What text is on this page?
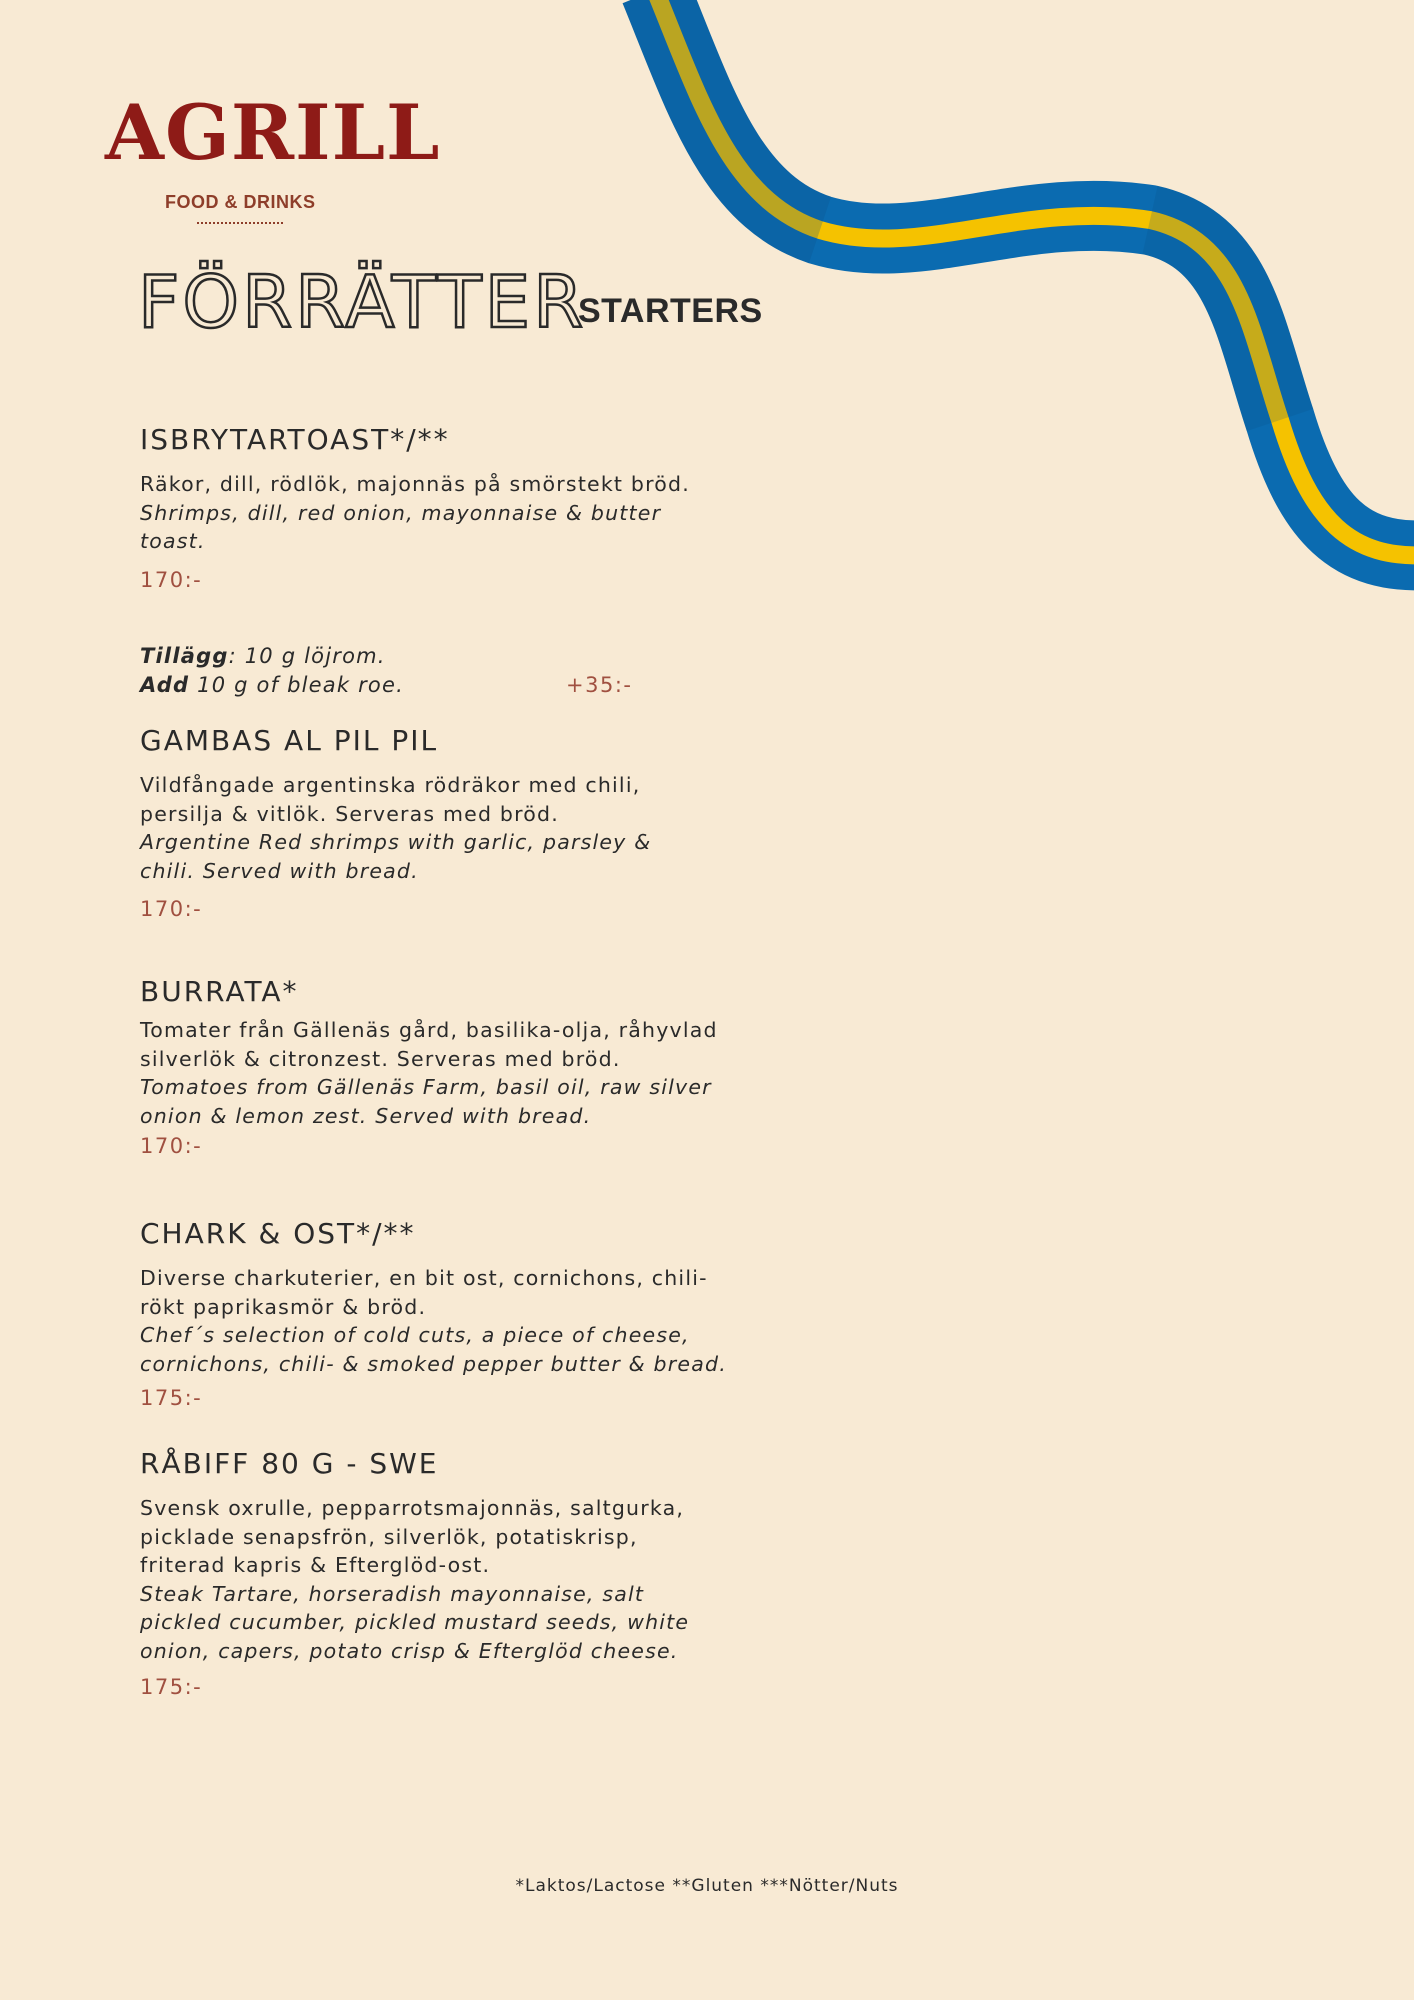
AGRILL
FOOD & DRINKS
FÖRRÄTTER
STARTERS
ISBRYTARTOAST*/**
Räkor, dill, rödlök, majonnäs på smörstekt bröd.
Shrimps, dill, red onion, mayonnaise & butter toast.
170:-
Tillägg: 10 g löjrom.
Add 10 g of bleak roe.	+35:-
GAMBAS AL PIL PIL
Vildfångade argentinska rödräkor med chili, persilja & vitlök. Serveras med bröd.
Argentine Red shrimps with garlic, parsley & chili. Served with bread.
170:-
BURRATA*
Tomater från Gällenäs gård, basilika-olja, råhyvlad silverlök & citronzest. Serveras med bröd.
Tomatoes from Gällenäs Farm, basil oil, raw silver onion & lemon zest. Served with bread.
170:-
CHARK & OST*/**
Diverse charkuterier, en bit ost, cornichons, chili-rökt paprikasmör & bröd.
Chef´s selection of cold cuts, a piece of cheese, cornichons, chili- & smoked pepper butter & bread.
175:-
RÅBIFF 80 G - SWE
Svensk oxrulle, pepparrotsmajonnäs, saltgurka, picklade senapsfrön, silverlök, potatiskrisp, friterad kapris & Efterglöd-ost.
Steak Tartare, horseradish mayonnaise, salt pickled cucumber, pickled mustard seeds, white onion, capers, potato crisp & Efterglöd cheese.
175:-
*Laktos/Lactose **Gluten ***Nötter/Nuts
